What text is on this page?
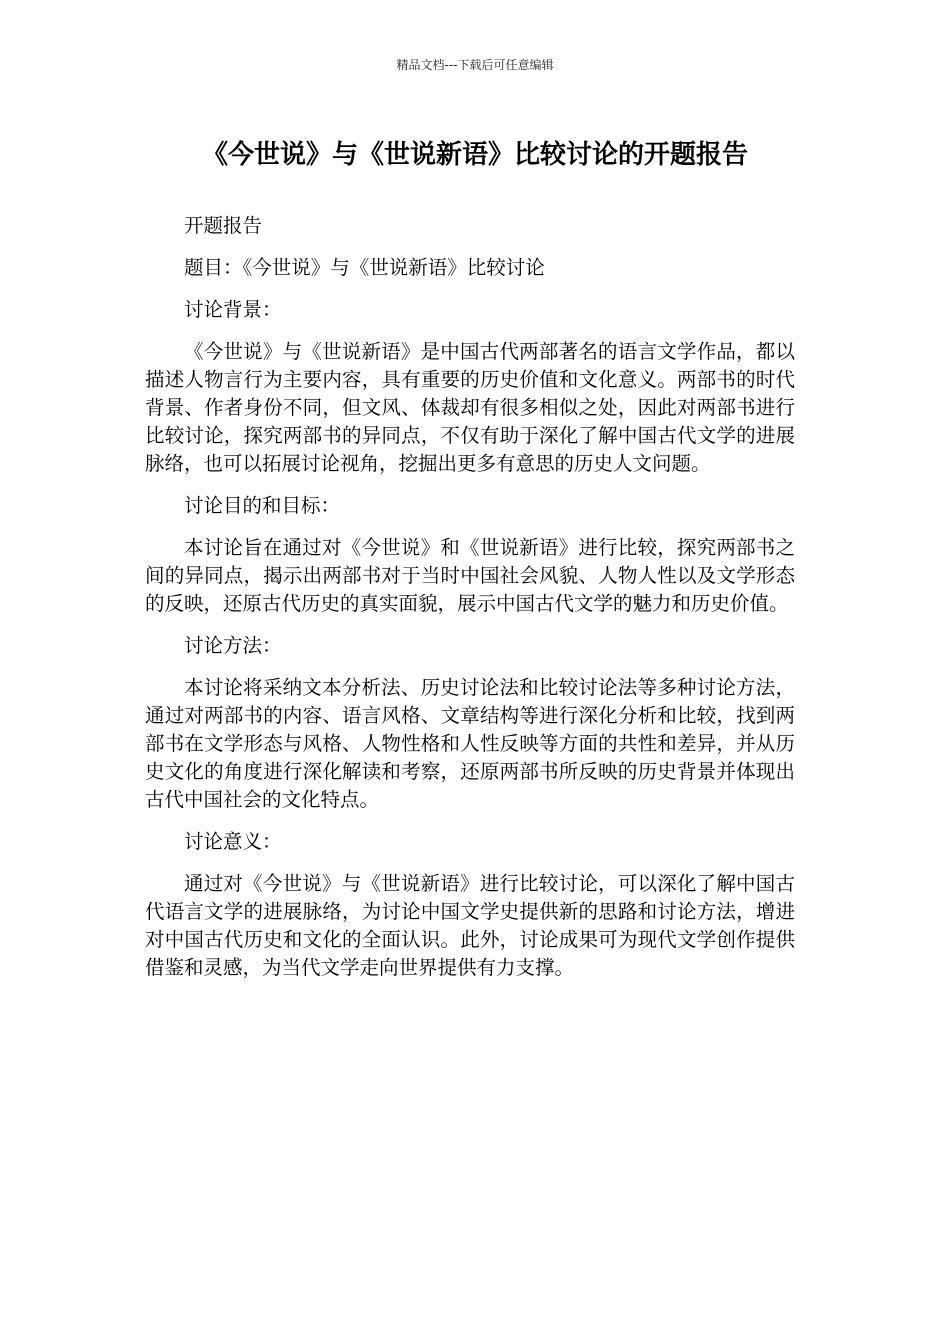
精品文档---下载后可任意编辑
《今世说》与《世说新语》比较讨论的开题报告

开题报告

题目：《今世说》与《世说新语》比较讨论

讨论背景：

《今世说》与《世说新语》是中国古代两部著名的语言文学作品，都以描述人物言行为主要内容，具有重要的历史价值和文化意义。两部书的时代背景、作者身份不同，但文风、体裁却有很多相似之处，因此对两部书进行比较讨论，探究两部书的异同点，不仅有助于深化了解中国古代文学的进展脉络，也可以拓展讨论视角，挖掘出更多有意思的历史人文问题。

讨论目的和目标：

本讨论旨在通过对《今世说》和《世说新语》进行比较，探究两部书之间的异同点，揭示出两部书对于当时中国社会风貌、人物人性以及文学形态的反映，还原古代历史的真实面貌，展示中国古代文学的魅力和历史价值。

讨论方法：

本讨论将采纳文本分析法、历史讨论法和比较讨论法等多种讨论方法，通过对两部书的内容、语言风格、文章结构等进行深化分析和比较，找到两部书在文学形态与风格、人物性格和人性反映等方面的共性和差异，并从历史文化的角度进行深化解读和考察，还原两部书所反映的历史背景并体现出古代中国社会的文化特点。

讨论意义：

通过对《今世说》与《世说新语》进行比较讨论，可以深化了解中国古代语言文学的进展脉络，为讨论中国文学史提供新的思路和讨论方法，增进对中国古代历史和文化的全面认识。此外，讨论成果可为现代文学创作提供借鉴和灵感，为当代文学走向世界提供有力支撑。
